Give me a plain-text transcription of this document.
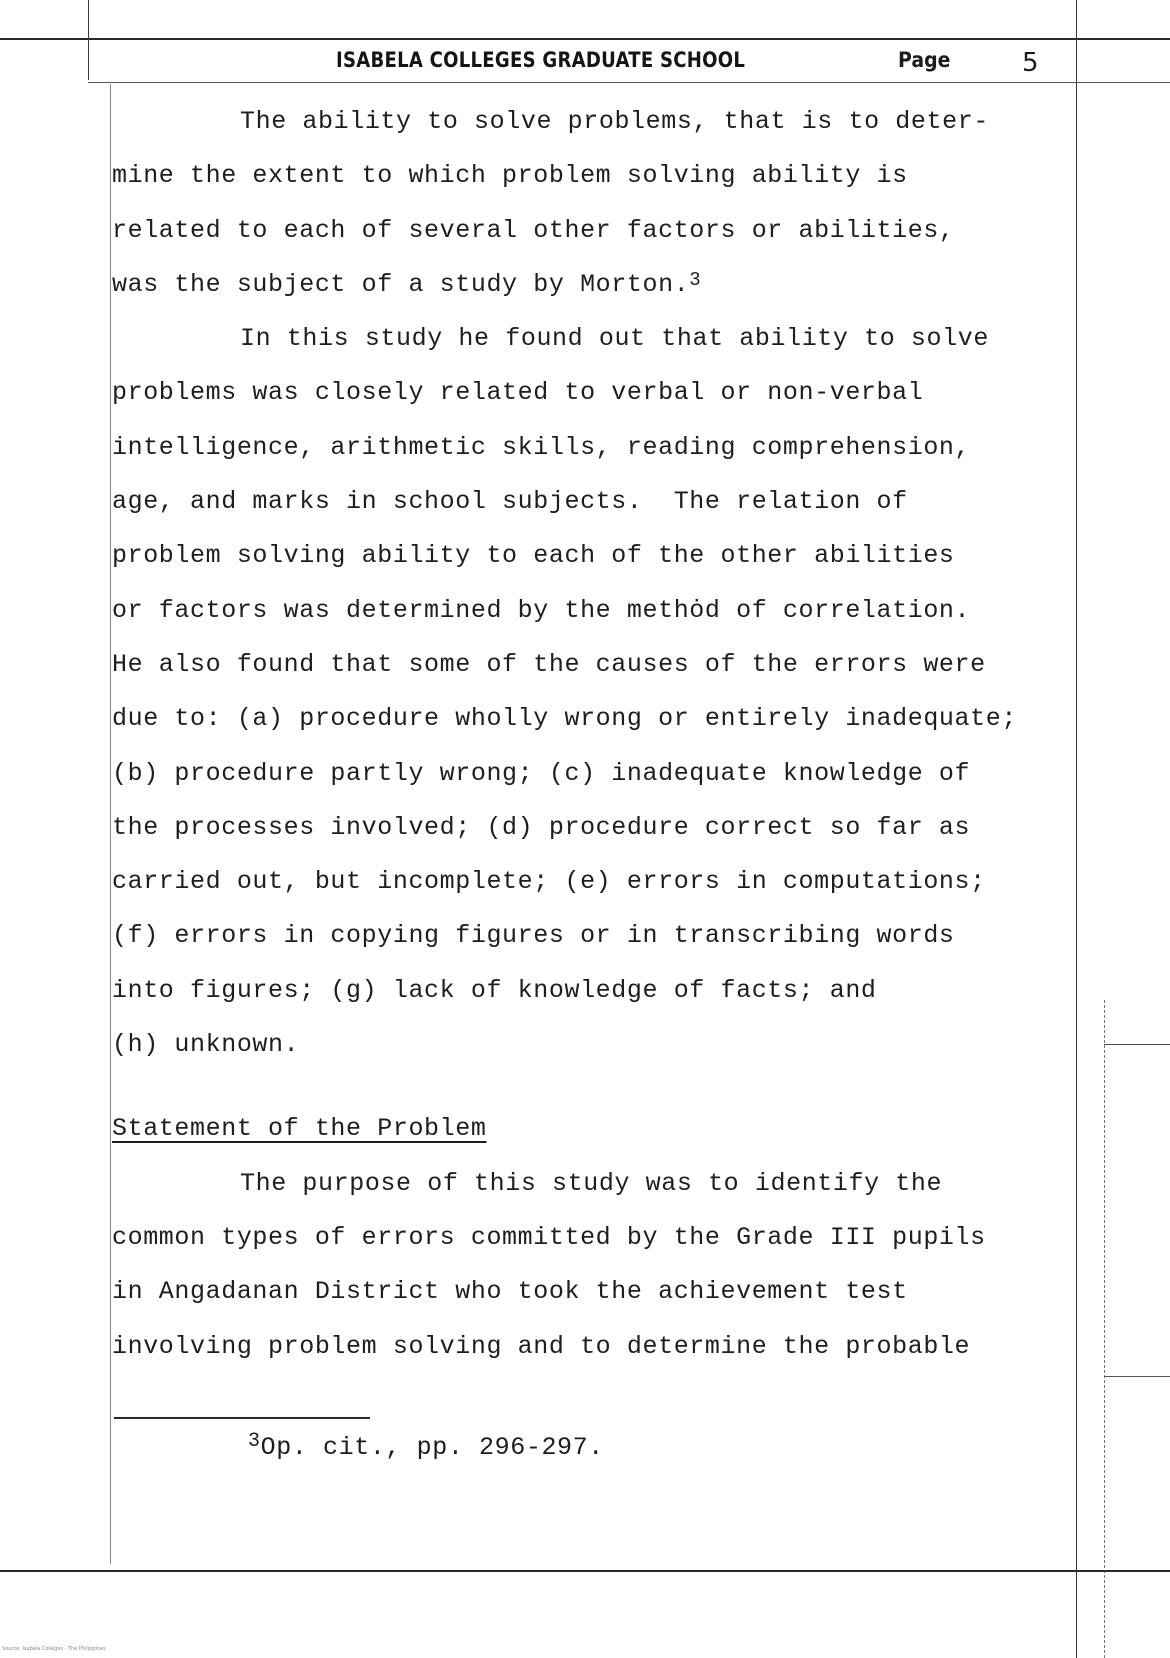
ISABELA COLLEGES GRADUATE SCHOOL	Page	5
The ability to solve problems, that is to deter-
mine the extent to which problem solving ability is
related to each of several other factors or abilities,
was the subject of a study by Morton.$^3$
In this study he found out that ability to solve
problems was closely related to verbal or non-verbal
intelligence, arithmetic skills, reading comprehension,
age, and marks in school subjects.  The relation of
problem solving ability to each of the other abilities
or factors was determined by the methȯd of correlation.
He also found that some of the causes of the errors were
due to: (a) procedure wholly wrong or entirely inadequate;
(b) procedure partly wrong; (c) inadequate knowledge of
the processes involved; (d) procedure correct so far as
carried out, but incomplete; (e) errors in computations;
(f) errors in copying figures or in transcribing words
into figures; (g) lack of knowledge of facts; and
(h) unknown.
Statement of the Problem
The purpose of this study was to identify the
common types of errors committed by the Grade III pupils
in Angadanan District who took the achievement test
involving problem solving and to determine the probable
$^3$Op. cit., pp. 296-297.
Source: Isabela Colleges · The Philippines
